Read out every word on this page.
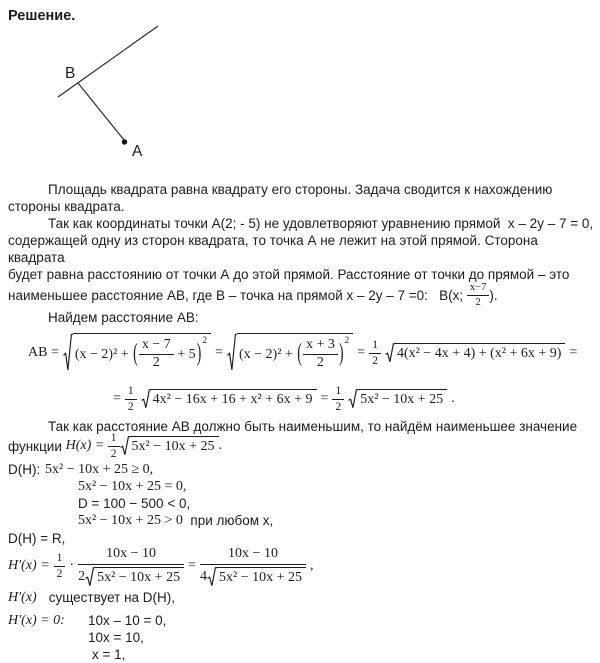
Решение.
B
A
Площадь квадрата равна квадрату его стороны. Задача сводится к нахождению
стороны квадрата.
Так как координаты точки А(2; - 5) не удовлетворяют уравнению прямой  х – 2у – 7 = 0,
содержащей одну из сторон квадрата, то точка А не лежит на этой прямой. Сторона квадрата
будет равна расстоянию от точки А до этой прямой. Расстояние от точки до прямой – это
наименьшее расстояние АВ, где В – точка на прямой х – 2у – 7 =0:   В(х; $\frac{x-7}{2}$ ).
Найдем расстояние АВ:
AB = (x − 2)² + ( $\frac{x - 7}{2} + 5$ ) 2
= (x − 2)² + ( $\frac{x + 3}{2}$ ) 2
= $\frac{1}{2} 4(x^2 - 4x + 4) + (x^2 + 6x + 9)$ =
= $\frac{1}{2} 4x^2 - 16x + 16 + x^2 + 6x + 9 = \frac{1}{2} 5x^2 - 10x + 25$ .
Так как расстояние АВ должно быть наименьшим, то найдём наименьшее значение
функции $H(x) = \frac{1}{2} 5x^2 - 10x + 25$ .
D(H): 5x² − 10x + 25 ≥ 0,
5x² − 10x + 25 = 0,
D = 100 − 500 < 0,
5x² − 10x + 25 > 0 при любом х,
D(H) = R,
$H'(x) = \frac{1}{2} \cdot \frac{10x - 10}{\text{2 5x² − 10x + 25}} = \frac{10x - 10}{\text{4 5x² − 10x + 25}}$ ,
H′(x) существует на D(H),
H′(x) = 0:	10х – 10 = 0,
10х = 10,
х = 1,
